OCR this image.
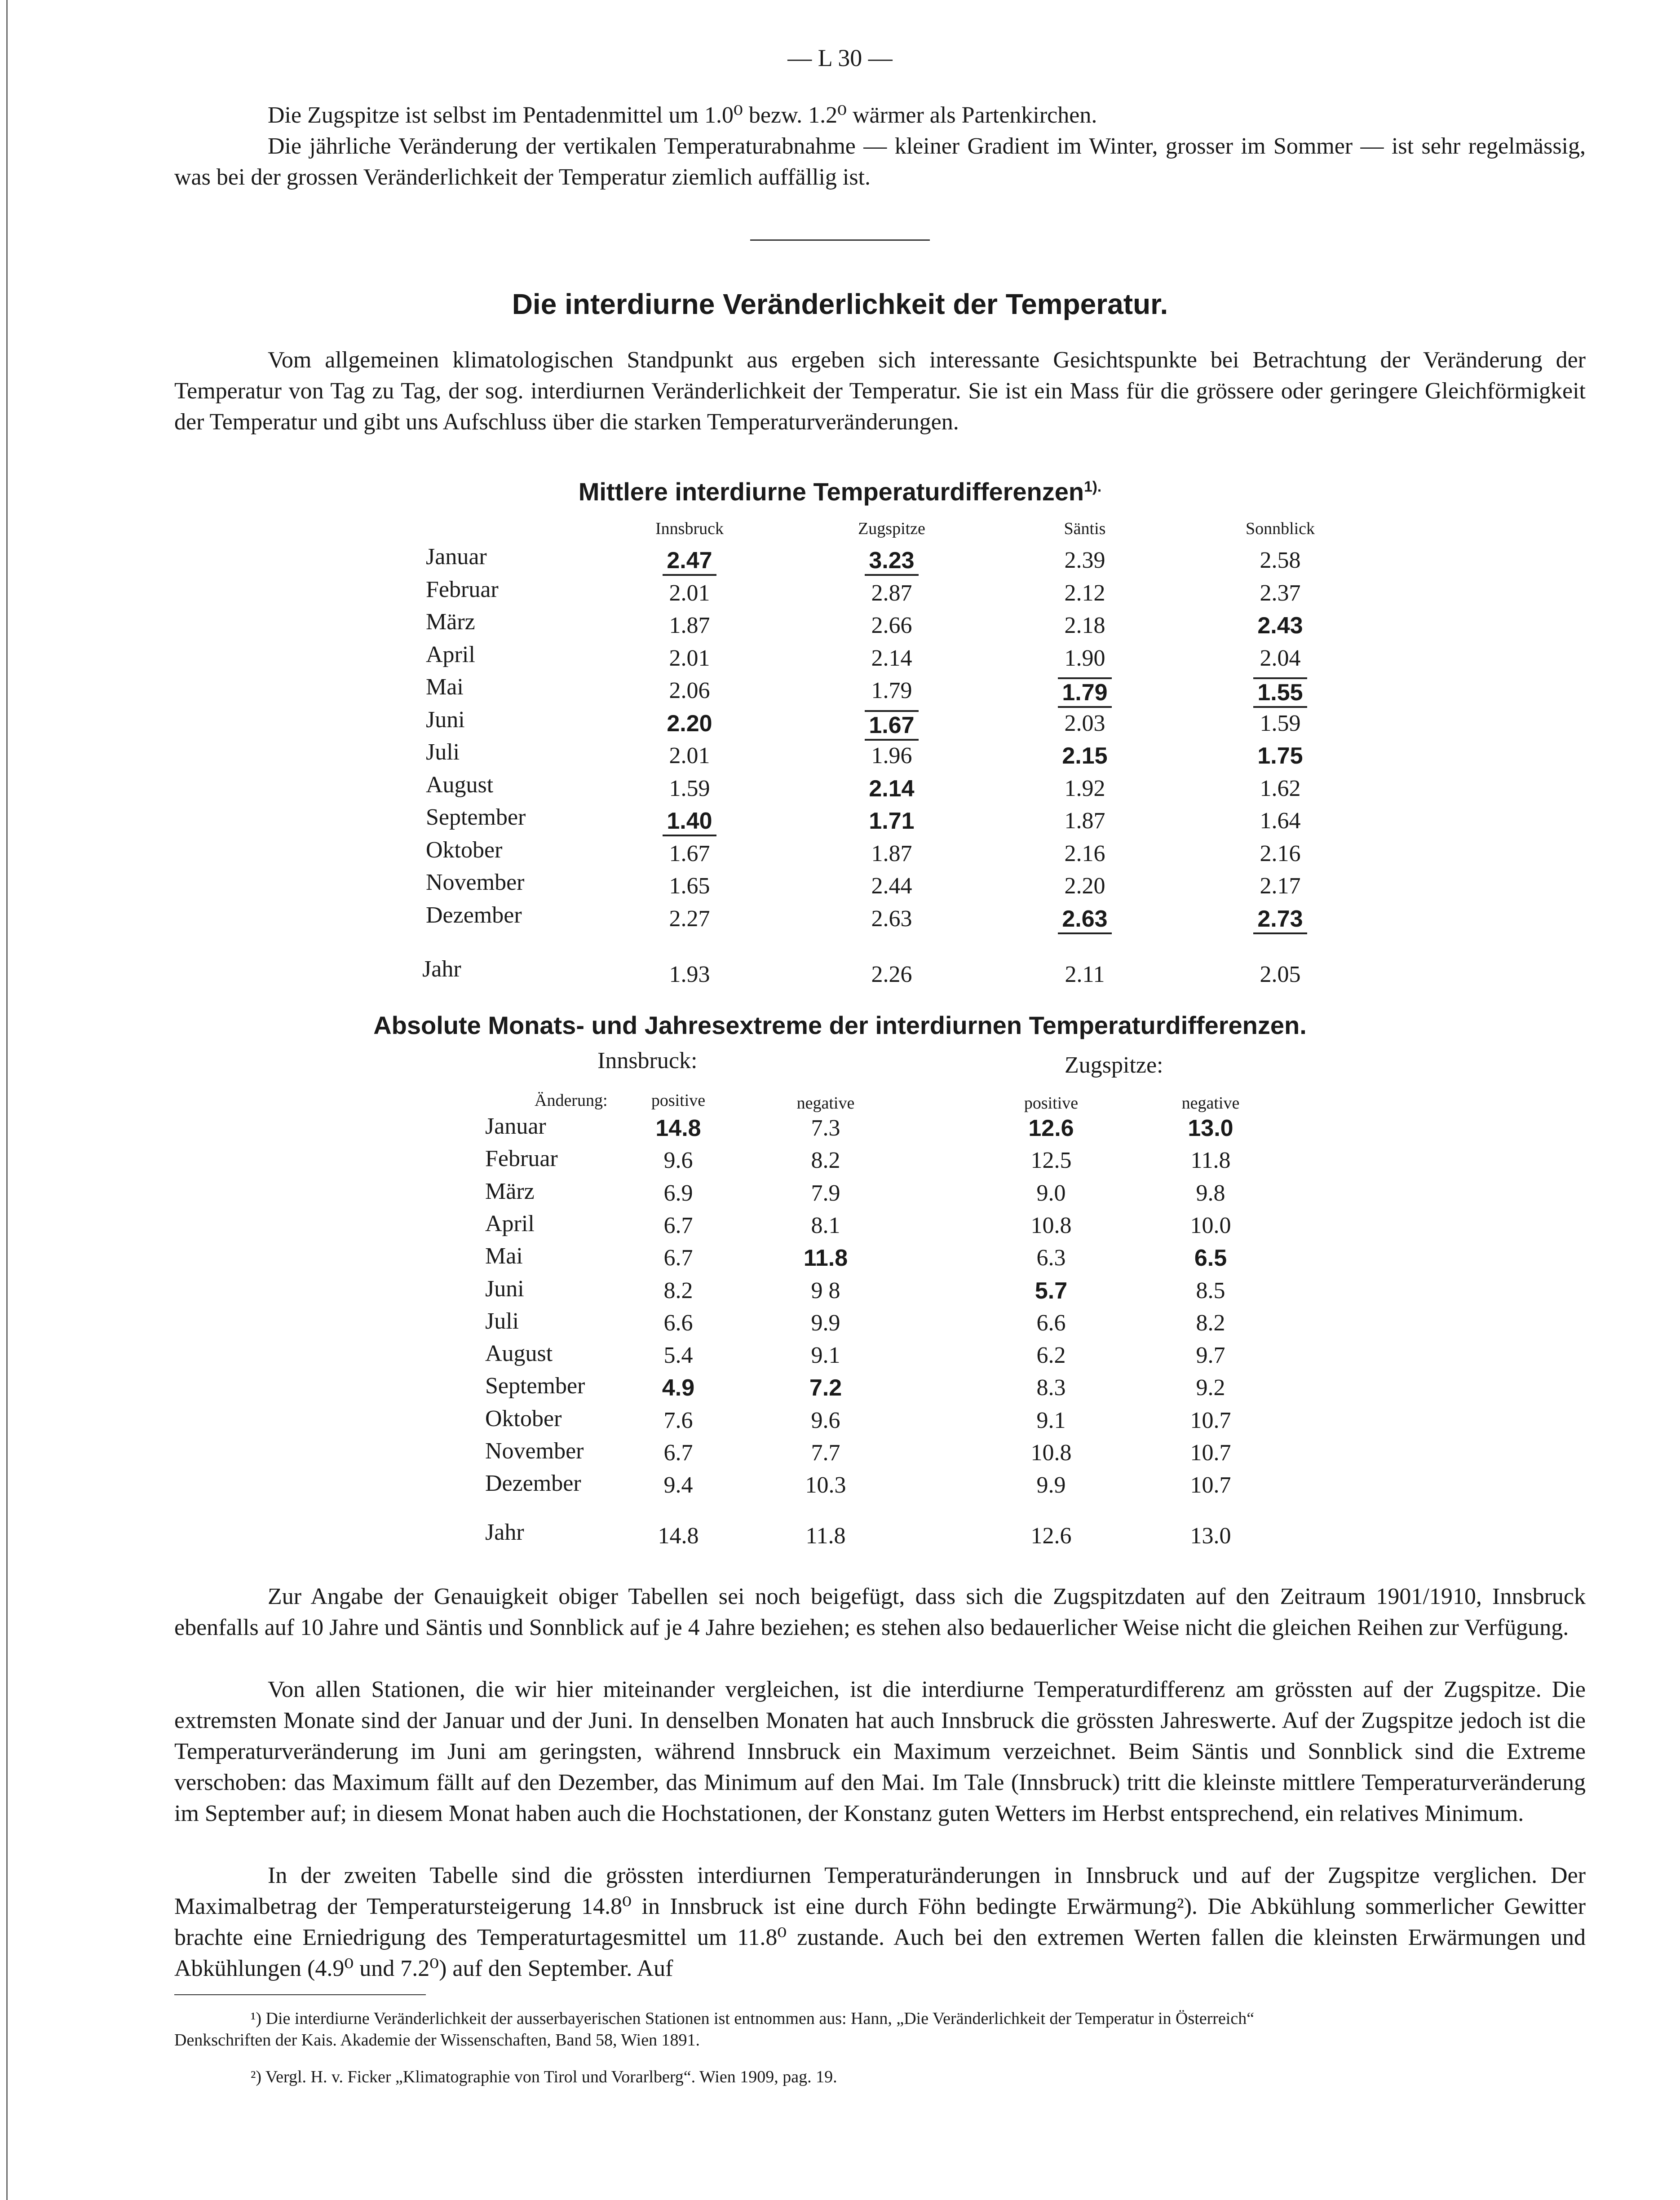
— L 30 —

Die Zugspitze ist selbst im Pentadenmittel um 1.0⁰ bezw. 1.2⁰ wärmer als Partenkirchen.

Die jährliche Veränderung der vertikalen Temperaturabnahme — kleiner Gradient im Winter, grosser im Sommer — ist sehr regelmässig, was bei der grossen Veränderlichkeit der Temperatur ziemlich auffällig ist.

Die interdiurne Veränderlichkeit der Temperatur.

Vom allgemeinen klimatologischen Standpunkt aus ergeben sich interessante Gesichtspunkte bei Betrachtung der Veränderung der Temperatur von Tag zu Tag, der sog. interdiurnen Veränderlichkeit der Temperatur. Sie ist ein Mass für die grössere oder geringere Gleichförmigkeit der Temperatur und gibt uns Aufschluss über die starken Temperaturveränderungen.

Mittlere interdiurne Temperaturdifferenzen$^{1).}$
Innsbruck	Zugspitze	Säntis	Sonnblick
Januar	2.47	3.23	2.39	2.58
Februar	2.01	2.87	2.12	2.37
März	1.87	2.66	2.18	2.43
April	2.01	2.14	1.90	2.04
Mai	2.06	1.79	1.79	1.55
Juni	2.20	1.67	2.03	1.59
Juli	2.01	1.96	2.15	1.75
August	1.59	2.14	1.92	1.62
September	1.40	1.71	1.87	1.64
Oktober	1.67	1.87	2.16	2.16
November	1.65	2.44	2.20	2.17
Dezember	2.27	2.63	2.63	2.73
Jahr	1.93	2.26	2.11	2.05
Absolute Monats- und Jahresextreme der interdiurnen Temperaturdifferenzen.
Innsbruck:	Zugspitze:
Änderung:	positive	negative	positive	negative
Januar	14.8	7.3	12.6	13.0
Februar	9.6	8.2	12.5	11.8
März	6.9	7.9	9.0	9.8
April	6.7	8.1	10.8	10.0
Mai	6.7	11.8	6.3	6.5
Juni	8.2	9 8	5.7	8.5
Juli	6.6	9.9	6.6	8.2
August	5.4	9.1	6.2	9.7
September	4.9	7.2	8.3	9.2
Oktober	7.6	9.6	9.1	10.7
November	6.7	7.7	10.8	10.7
Dezember	9.4	10.3	9.9	10.7
Jahr	14.8	11.8	12.6	13.0

Zur Angabe der Genauigkeit obiger Tabellen sei noch beigefügt, dass sich die Zugspitzdaten auf den Zeitraum 1901/1910, Innsbruck ebenfalls auf 10 Jahre und Säntis und Sonnblick auf je 4 Jahre beziehen; es stehen also bedauerlicher Weise nicht die gleichen Reihen zur Verfügung.

Von allen Stationen, die wir hier miteinander vergleichen, ist die interdiurne Temperaturdifferenz am grössten auf der Zugspitze. Die extremsten Monate sind der Januar und der Juni. In denselben Monaten hat auch Innsbruck die grössten Jahreswerte. Auf der Zugspitze jedoch ist die Temperaturveränderung im Juni am geringsten, während Innsbruck ein Maximum verzeichnet. Beim Säntis und Sonnblick sind die Extreme verschoben: das Maximum fällt auf den Dezember, das Minimum auf den Mai. Im Tale (Innsbruck) tritt die kleinste mittlere Temperaturveränderung im September auf; in diesem Monat haben auch die Hochstationen, der Konstanz guten Wetters im Herbst entsprechend, ein relatives Minimum.

In der zweiten Tabelle sind die grössten interdiurnen Temperaturänderungen in Innsbruck und auf der Zugspitze verglichen. Der Maximalbetrag der Temperatursteigerung 14.8⁰ in Innsbruck ist eine durch Föhn bedingte Erwärmung²). Die Abkühlung sommerlicher Gewitter brachte eine Erniedrigung des Temperaturtagesmittel um 11.8⁰ zustande. Auch bei den extremen Werten fallen die kleinsten Erwärmungen und Abkühlungen (4.9⁰ und 7.2⁰) auf den September. Auf

¹) Die interdiurne Veränderlichkeit der ausserbayerischen Stationen ist entnommen aus: Hann, „Die Veränderlichkeit der Temperatur in Österreich“

Denkschriften der Kais. Akademie der Wissenschaften, Band 58, Wien 1891.

²) Vergl. H. v. Ficker „Klimatographie von Tirol und Vorarlberg“. Wien 1909, pag. 19.
